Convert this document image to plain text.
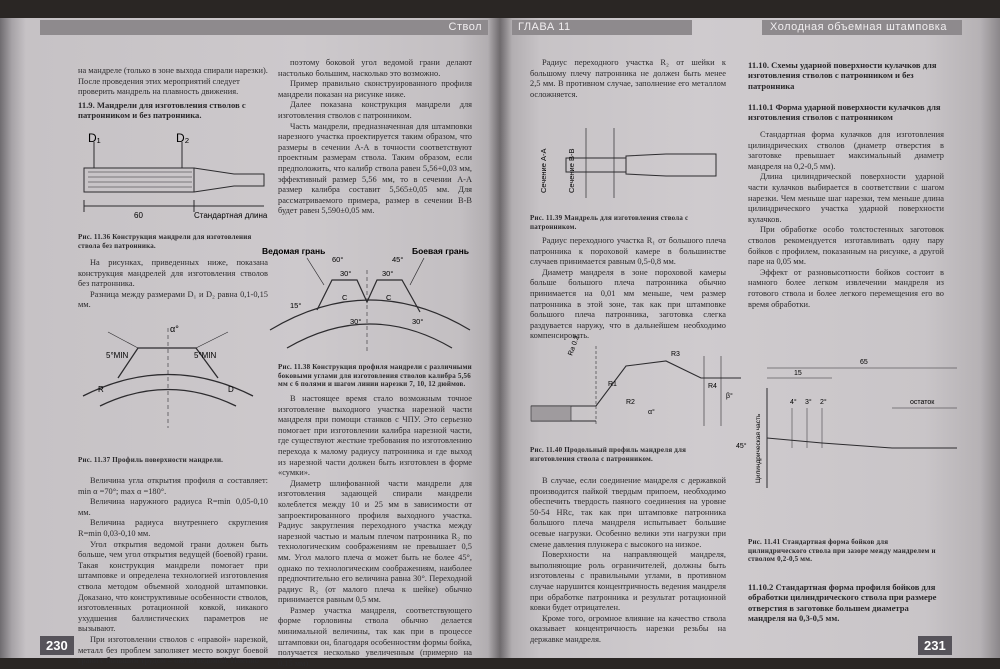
Ствол
на мандреле (только в зоне выхода спирали нарезки).
После проведения этих мероприятий следует проверить мандрель на плавность движения.
11.9. Мандрели для изготовления стволов с патронником и без патронника.
D₁	D₂
60	Стандартная длина
Рис. 11.36 Конструкция мандрели для изготовления ствола без патронника.

На рисунках, приведенных ниже, показана конструкция мандрелей для изготовления стволов без патронника.

Разница между размерами D₁ и D₂ равна 0,1-0,15 мм.

α°
5°MIN	5°MIN
R	D
Рис. 11.37 Профиль поверхности мандрели.

Величина угла открытия профиля α составляет: min α =70°; max α =180°.

Величина наружного радиуса R=min 0,05-0,10 мм.

Величина радиуса внутреннего скругления R=min 0,03-0,10 мм.

Угол открытия ведомой грани должен быть больше, чем угол открытия ведущей (боевой) грани. Такая конструкция мандрели помогает при штамповке и определена технологией изготовления ствола методом объемной холодной штамповки. Доказано, что конструктивные особенности стволов, изготовленных ротационной ковкой, никакого ухудшения баллистических параметров не вызывают.

При изготовлении стволов с «правой» нарезкой, металл без проблем заполняет место вокруг боевой грани с большим трудом – около ведомой. Именно

поэтому боковой угол ведомой грани делают настолько большим, насколько это возможно.

Пример правильно сконструированного профиля мандрели показан на рисунке ниже.

Далее показана конструкция мандрели для изготовления стволов с патронником.

Часть мандрели, предназначенная для штамповки нарезного участка проектируется таким образом, что размеры в сечении А-А в точности соответствуют проектным размерам ствола. Таким образом, если предположить, что калибр ствола равен 5,56+0,03 мм, эффективный размер 5,56 мм, то в сечении А-А размер калибра составит 5,565±0,05 мм. Для рассматриваемого примера, размер в сечении В-В будет равен 5,590±0,05 мм.

Ведомая грань	Боевая грань
60°
30°	30°
45°
15°
C	C
30°	30°
Рис. 11.38 Конструкция профиля мандрели с различными боковыми углами для изготовления стволов калибра 5,56 мм с 6 полями и шагом линии нарезки 7, 10, 12 дюймов.

В настоящее время стало возможным точное изготовление выходного участка нарезной части мандреля при помощи станков с ЧПУ. Это серьезно помогает при изготовлении калибра нарезной части, где существуют жесткие требования по изготовлению перехода к малому радиусу патронника и где выход из нарезной части должен быть изготовлен в форме «сумки».

Диаметр шлифованной части мандрели для изготовления задающей спирали мандрели колеблется между 10 и 25 мм в зависимости от запроектированного профиля выходного участка. Радиус закругления переходного участка между нарезной частью и малым плечом патронника R₂ по технологическим соображениям не превышает 0,5 мм. Угол малого плеча α может быть не более 45°, однако по технологическим соображениям, наиболее предпочтительно его величина равна 30°. Переходной радиус R₂ (от малого плеча к шейке) обычно принимается равным 0,5 мм.

Размер участка мандреля, соответствующего форме горловины ствола обычно делается минимальной величины, так как при в процессе штамповки он, благодаря особенностям формы бойка, получается несколько увеличенным (примерно на 0,15 мм).

230
ГЛАВА 11	Холодная объемная штамповка

Радиус переходного участка R₂ от шейки к большому плечу патронника не должен быть менее 2,5 мм. В противном случае, заполнение его металлом осложняется.

Сечение А-А	Сечение В-В
Рис. 11.39 Мандрель для изготовления ствола с патронником.

Радиус переходного участка R₁ от большого плеча патронника к пороховой камере в большинстве случаев принимается равным 0,5-0,8 мм.

Диаметр мандреля в зоне пороховой камеры больше большого плеча патронника обычно принимается на 0,01 мм меньше, чем размер патронника в этой зоне, так как при штамповке большого плеча патронника, заготовка слегка раздувается наружу, что в дальнейшем необходимо компенсировать.

Ra 0.2
R1
R2
R3
R4
β°
α°
Рис. 11.40 Продольный профиль мандреля для изготовления ствола с патронником.

В случае, если соединение мандреля с державкой производится пайкой твердым припоем, необходимо обеспечить твердость паяного соединения на уровне 50-54 HRc, так как при штамповке патронника большого плеча мандреля испытывает большие осевые нагрузки. Особенно велики эти нагрузки при смене давления плунжера с высокого на низкое.

Поверхности на направляющей мандреля, выполняющие роль ограничителей, должны быть изготовлены с правильными углами, в противном случае нарушится концентричность ведения мандреля при обработке патронника и результат ротационной ковки будет отрицателен.

Кроме того, огромное влияние на качество ствола оказывает концентричность нарезки резьбы на державке мандреля.

11.10. Схемы ударной поверхности кулачков для изготовления стволов с патронником и без патронника
11.10.1 Форма ударной поверхности кулачков для изготовления стволов с патронником

Стандартная форма кулачков для изготовления цилиндрических стволов (диаметр отверстия в заготовке превышает максимальный диаметр мандреля на 0,2-0,5 мм).

Длина цилиндрической поверхности ударной части кулачков выбирается в соответствии с шагом нарезки. Чем меньше шаг нарезки, тем меньше длина цилиндрического участка ударной поверхности кулачков.

При обработке особо толстостенных заготовок стволов рекомендуется изготавливать одну пару бойков с профилем, показанным на рисунке, а другой паре на 0,05 мм.

Эффект от разновысотности бойков состоит в намного более легком извлечении мандреля из готового ствола и более легкого перемещения его во время обработки.

65
15
остаток
Цилиндрическая часть
45°
4° 3° 2°
Рис. 11.41 Стандартная форма бойков для цилиндрического ствола при зазоре между мандрелем и стволом 0,2-0,5 мм.
11.10.2 Стандартная форма профиля бойков для обработки цилиндрического ствола при размере отверстия в заготовке большем диаметра мандреля на 0,3-0,5 мм.
231
